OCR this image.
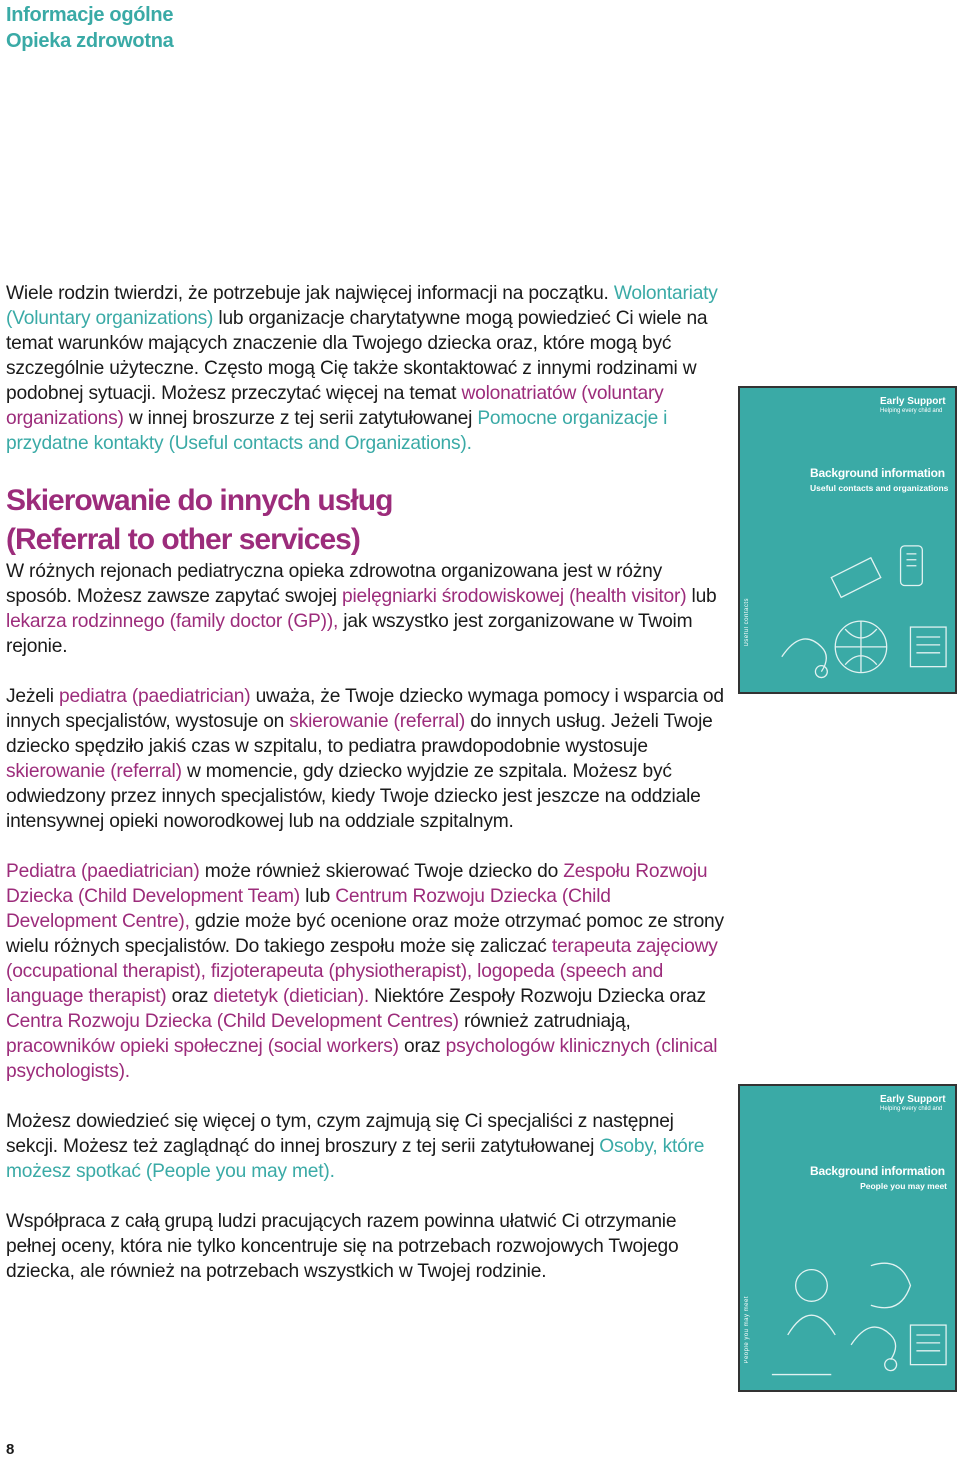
Informacje ogólne
Opieka zdrowotna

Wiele rodzin twierdzi, że potrzebuje jak najwięcej informacji na początku. Wolontariaty (Voluntary organizations) lub organizacje charytatywne mogą powiedzieć Ci wiele na temat warunków mających znaczenie dla Twojego dziecka oraz, które mogą być szczególnie użyteczne. Często mogą Cię także skontaktować z innymi rodzinami w podobnej sytuacji. Możesz przeczytać więcej na temat wolonatriatów (voluntary organizations) w innej broszurze z tej serii zatytułowanej Pomocne organizacje i przydatne kontakty (Useful contacts and Organizations).

Skierowanie do innych usług
(Referral to other services)

W różnych rejonach pediatryczna opieka zdrowotna organizowana jest w różny sposób. Możesz zawsze zapytać swojej pielęgniarki środowiskowej (health visitor) lub lekarza rodzinnego (family doctor (GP)), jak wszystko jest zorganizowane w Twoim rejonie.

Jeżeli pediatra (paediatrician) uważa, że Twoje dziecko wymaga pomocy i wsparcia od innych specjalistów, wystosuje on skierowanie (referral) do innych usług. Jeżeli Twoje dziecko spędziło jakiś czas w szpitalu, to pediatra prawdopodobnie wystosuje skierowanie (referral) w momencie, gdy dziecko wyjdzie ze szpitala. Możesz być odwiedzony przez innych specjalistów, kiedy Twoje dziecko jest jeszcze na oddziale intensywnej opieki noworodkowej lub na oddziale szpitalnym.

Pediatra (paediatrician) może również skierować Twoje dziecko do Zespołu Rozwoju Dziecka (Child Development Team) lub Centrum Rozwoju Dziecka (Child Development Centre), gdzie może być ocenione oraz może otrzymać pomoc ze strony wielu różnych specjalistów. Do takiego zespołu może się zaliczać terapeuta zajęciowy (occupational therapist), fizjoterapeuta (physiotherapist), logopeda (speech and language therapist) oraz dietetyk (dietician). Niektóre Zespoły Rozwoju Dziecka oraz Centra Rozwoju Dziecka (Child Development Centres) również zatrudniają, pracowników opieki społecznej (social workers) oraz psychologów klinicznych (clinical psychologists).

Możesz dowiedzieć się więcej o tym, czym zajmują się Ci specjaliści z następnej sekcji. Możesz też zaglądnąć do innej broszury z tej serii zatytułowanej Osoby, które możesz spotkać (People you may met).

Współpraca z całą grupą ludzi pracujących razem powinna ułatwić Ci otrzymanie pełnej oceny, która nie tylko koncentruje się na potrzebach rozwojowych Twojego dziecka, ale również na potrzebach wszystkich w Twojej rodzinie.

Useful contacts
Early Support
Helping every child and
Background information
Useful contacts and organizations
People you may meet
Early Support
Helping every child and
Background information
People you may meet
8
